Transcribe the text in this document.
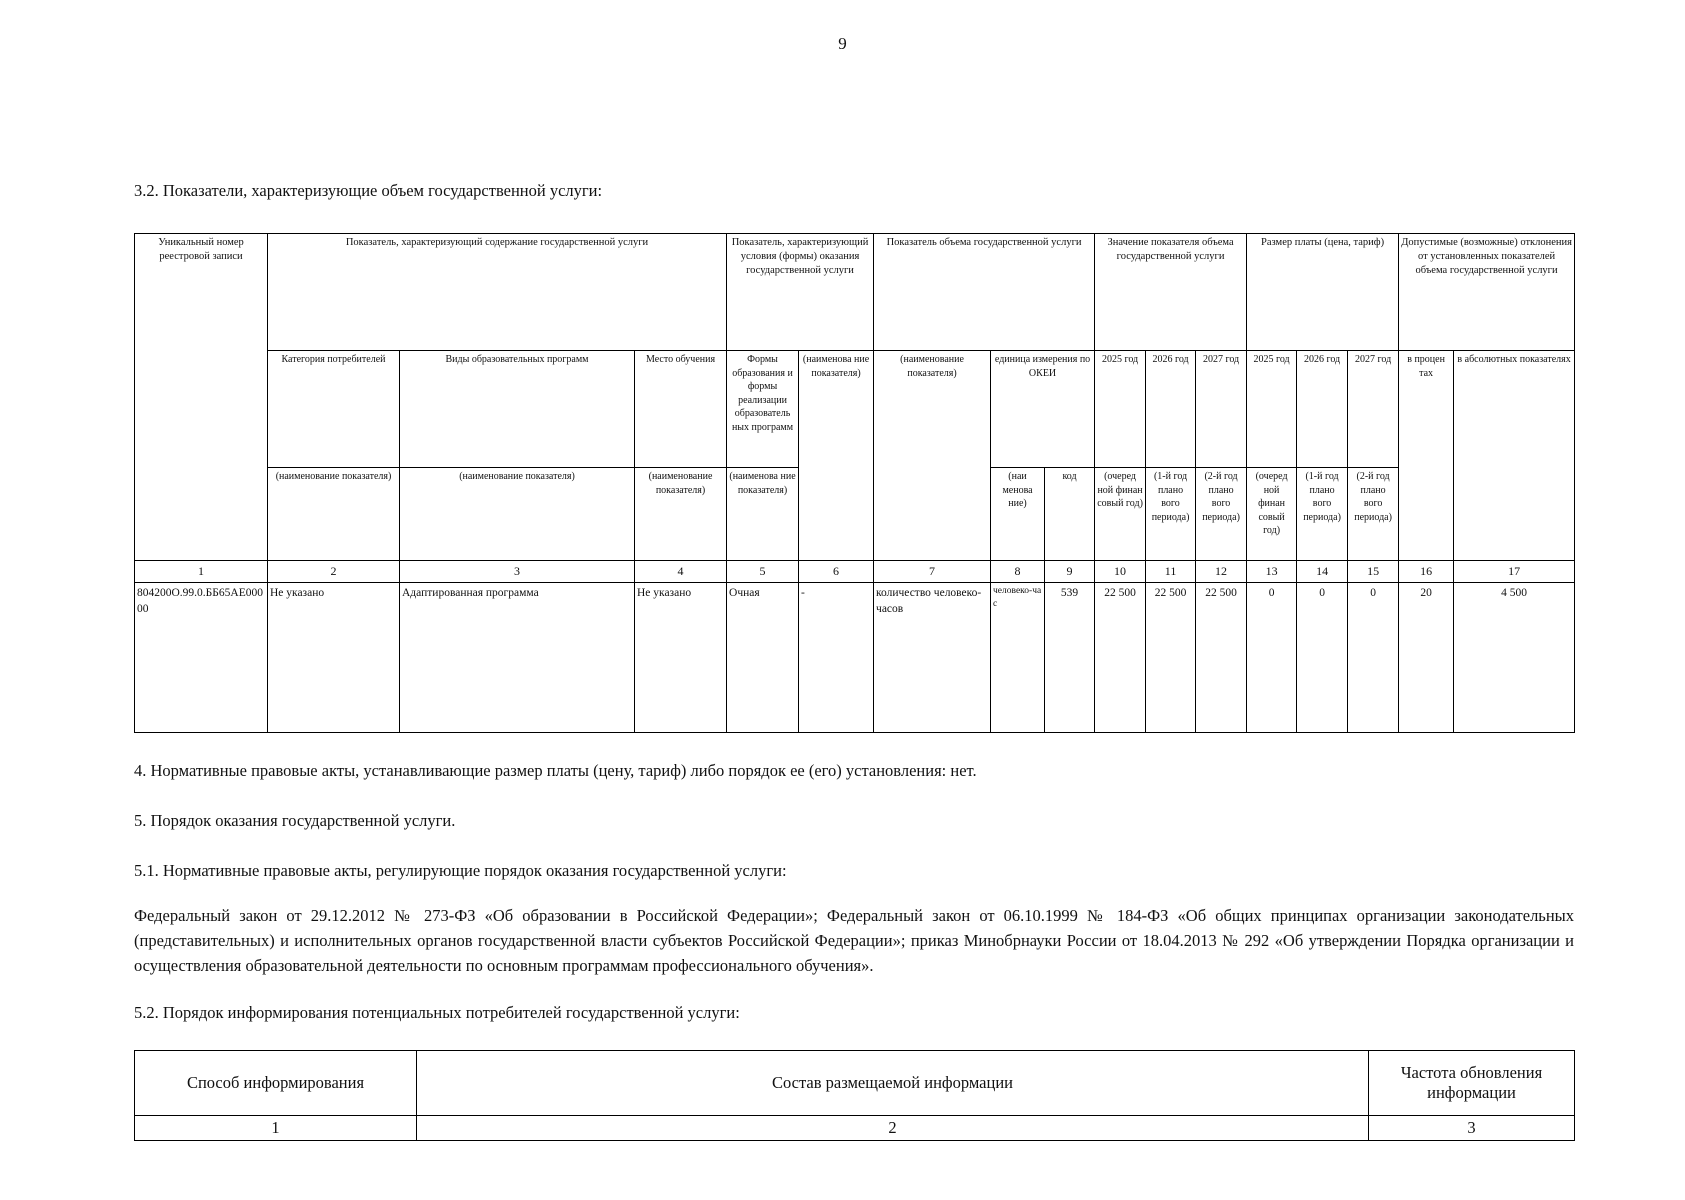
9
3.2. Показатели, характеризующие объем государственной услуги:
Уникальный номер реестровой записи	Показатель, характеризующий содержание государственной услуги			Показатель, характеризующий условия (формы) оказания государственной услуги		Показатель объема государственной услуги			Значение показателя объема государственной услуги			Размер платы (цена, тариф)			Допустимые (возможные) отклонения от установленных показателей объема государственной услуги	
	Категория потребителей	Виды образовательных программ	Место обучения	Формы образования и формы реализации образователь ных программ	(наименова ние показателя)	(наименование показателя)	единица измерения по ОКЕИ		2025 год	2026 год	2027 год	2025 год	2026 год	2027 год	в процен тах	в абсолютных показателях
	(наименование показателя)	(наименование показателя)	(наименование показателя)	(наименова ние показателя)			(наи менова ние)	код	(очеред ной финан совый год)	(1-й год плано вого периода)	(2-й год плано вого периода)	(очеред ной финан совый год)	(1-й год плано вого периода)	(2-й год плано вого периода)		
1	2	3	4	5	6	7	8	9	10	11	12	13	14	15	16	17
804200О.99.0.ББ65АЕ00000	Не указано	Адаптированная программа	Не указано	Очная	-	количество человеко-часов	человеко-час	539	22 500	22 500	22 500	0	0	0	20	4 500
4. Нормативные правовые акты, устанавливающие размер платы (цену, тариф) либо порядок ее (его) установления: нет.
5. Порядок оказания государственной услуги.
5.1. Нормативные правовые акты, регулирующие порядок оказания государственной услуги:
Федеральный закон от 29.12.2012 № 273-ФЗ «Об образовании в Российской Федерации»; Федеральный закон от 06.10.1999 № 184-ФЗ «Об общих принципах организации законодательных (представительных) и исполнительных органов государственной власти субъектов Российской Федерации»; приказ Минобрнауки России от 18.04.2013 № 292 «Об утверждении Порядка организации и осуществления образовательной деятельности по основным программам профессионального обучения».
5.2. Порядок информирования потенциальных потребителей государственной услуги:
Способ информирования	Состав размещаемой информации	Частота обновления информации
1	2	3
